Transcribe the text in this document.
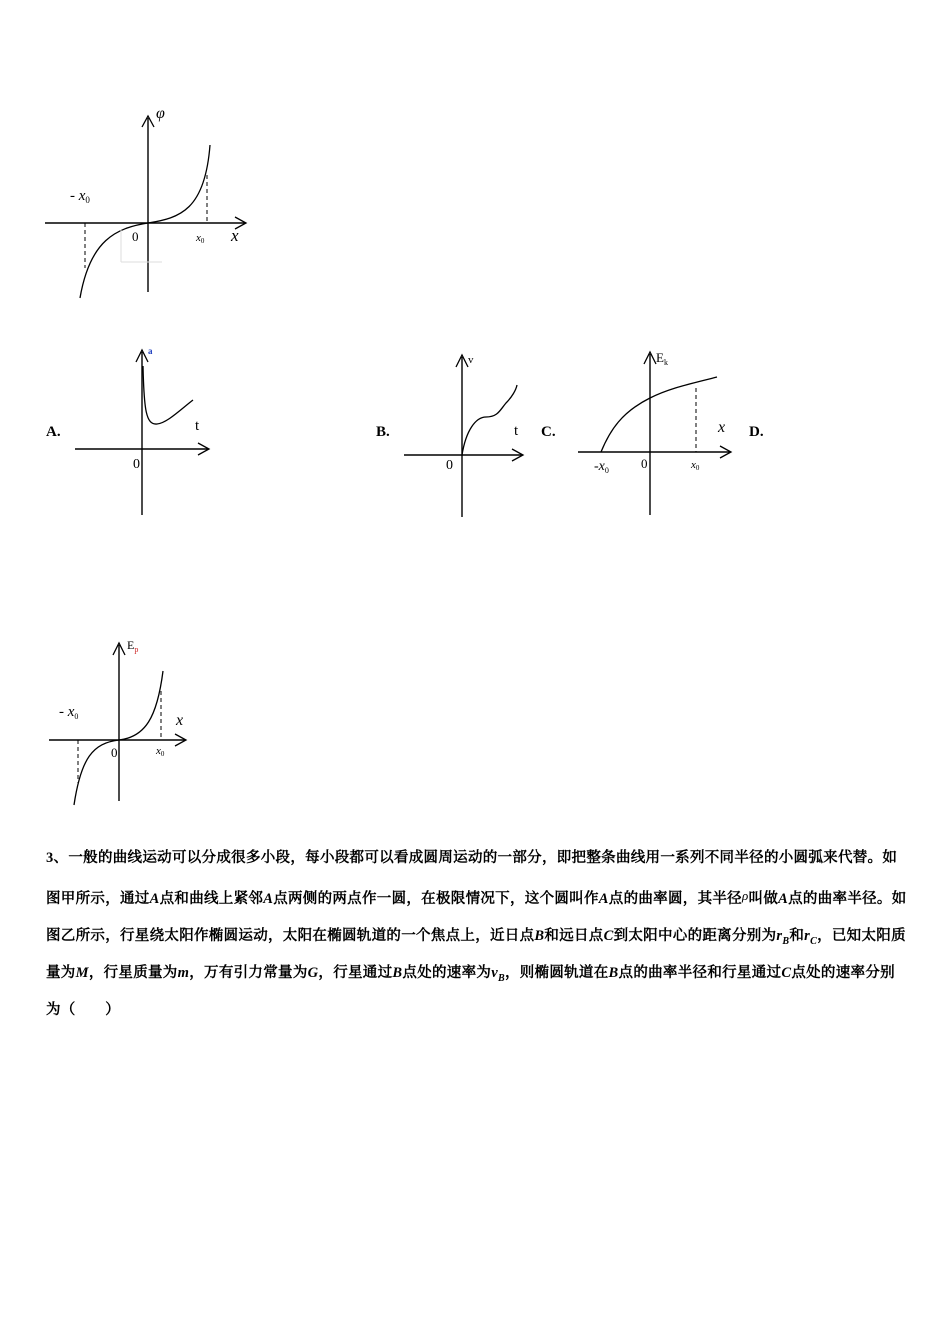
φ
x
0
- $x_0$
x0
A.
a
t
0
B.
v
t
0
C.
$E_k$
x
0
$-x_0$	x0
D.
$E_p$
x
0
- $x_0$
x0
3、一般的曲线运动可以分成很多小段，每小段都可以看成圆周运动的一部分，即把整条曲线用一系列不同半径的小圆弧来代替。如图甲所示，通过A点和曲线上紧邻A点两侧的两点作一圆，在极限情况下，这个圆叫作A点的曲率圆，其半径ρ叫做A点的曲率半径。如图乙所示，行星绕太阳作椭圆运动，太阳在椭圆轨道的一个焦点上，近日点B和远日点C到太阳中心的距离分别为$r_B$和$r_C$，已知太阳质量为M，行星质量为m，万有引力常量为G，行星通过B点处的速率为$v_B$，则椭圆轨道在B点的曲率半径和行星通过C点处的速率分别为（　　）
